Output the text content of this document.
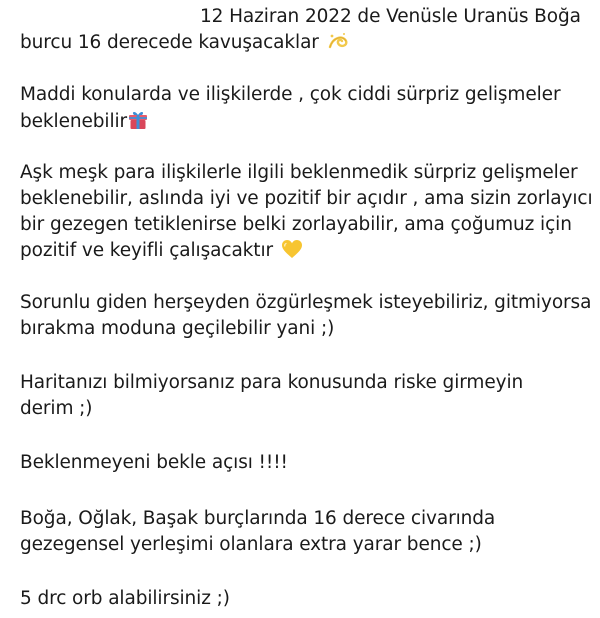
12 Haziran 2022 de Venüsle Uranüs Boğa
burcu 16 derecede kavuşacaklar
Maddi konularda ve ilişkilerde , çok ciddi sürpriz gelişmeler
beklenebilir
Aşk meşk para ilişkilerle ilgili beklenmedik sürpriz gelişmeler
beklenebilir, aslında iyi ve pozitif bir açıdır , ama sizin zorlayıcı
bir gezegen tetiklenirse belki zorlayabilir, ama çoğumuz için
pozitif ve keyifli çalışacaktır
Sorunlu giden herşeyden özgürleşmek isteyebiliriz, gitmiyorsa
bırakma moduna geçilebilir yani ;)
Haritanızı bilmiyorsanız para konusunda riske girmeyin
derim ;)
Beklenmeyeni bekle açısı !!!!
Boğa, Oğlak, Başak burçlarında 16 derece civarında
gezegensel yerleşimi olanlara extra yarar bence ;)
5 drc orb alabilirsiniz ;)
